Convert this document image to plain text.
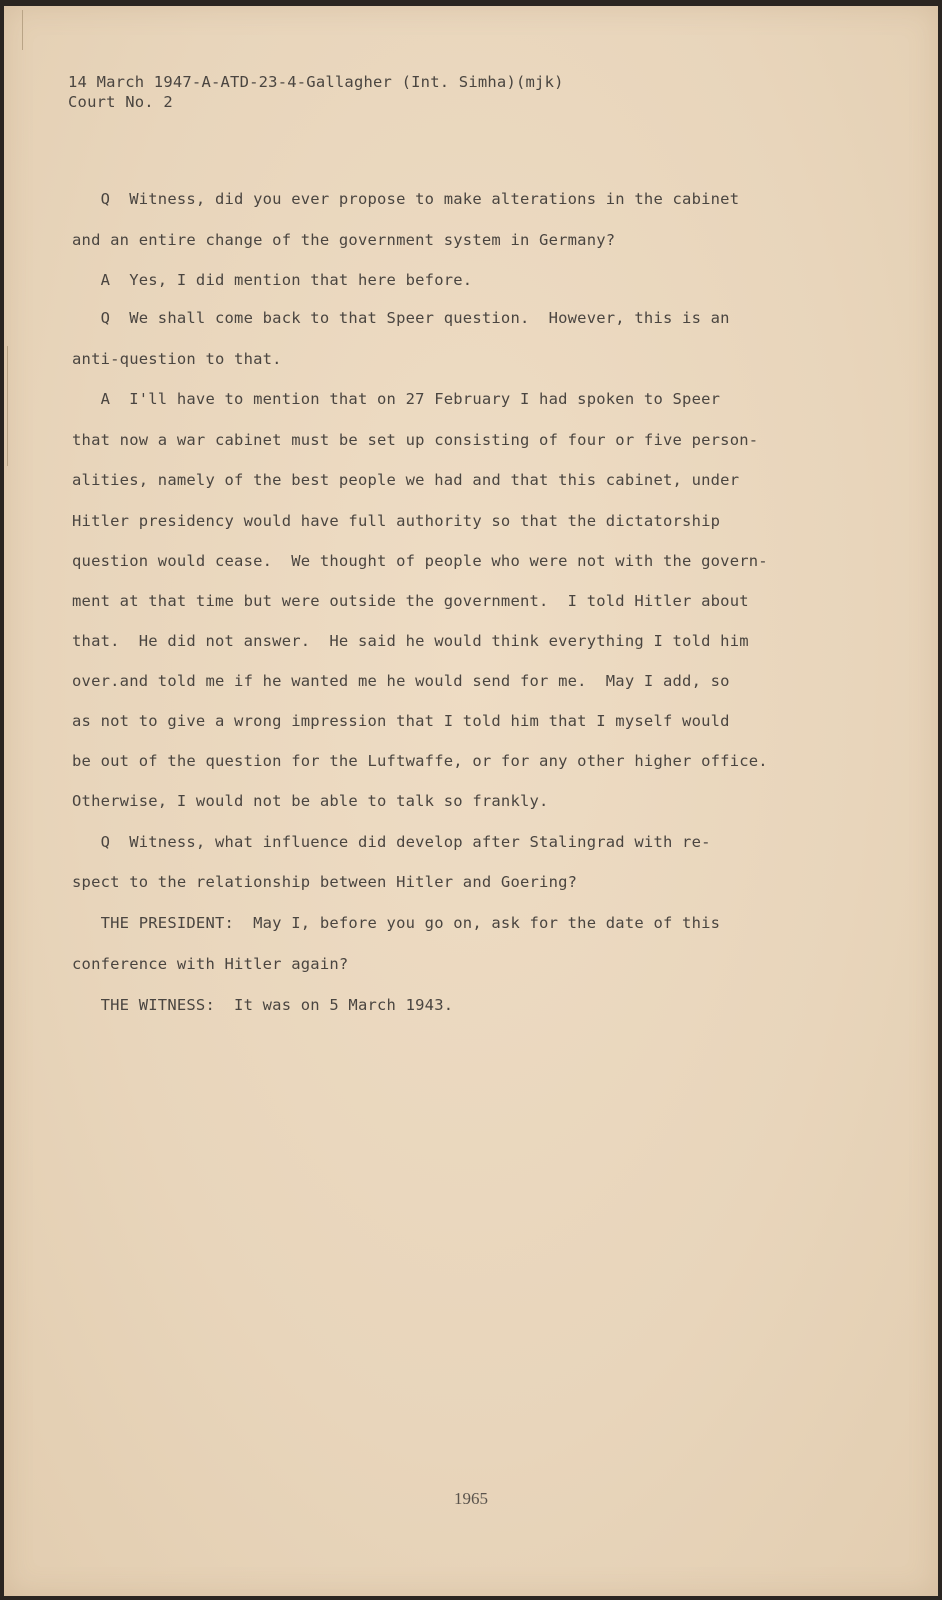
14 March 1947-A-ATD-23-4-Gallagher (Int. Simha)(mjk)
Court No. 2
Q  Witness, did you ever propose to make alterations in the cabinet
and an entire change of the government system in Germany?
A  Yes, I did mention that here before.
Q  We shall come back to that Speer question.  However, this is an
anti-question to that.
A  I'll have to mention that on 27 February I had spoken to Speer
that now a war cabinet must be set up consisting of four or five person-
alities, namely of the best people we had and that this cabinet, under
Hitler presidency would have full authority so that the dictatorship
question would cease.  We thought of people who were not with the govern-
ment at that time but were outside the government.  I told Hitler about
that.  He did not answer.  He said he would think everything I told him
over.and told me if he wanted me he would send for me.  May I add, so
as not to give a wrong impression that I told him that I myself would
be out of the question for the Luftwaffe, or for any other higher office.
Otherwise, I would not be able to talk so frankly.
Q  Witness, what influence did develop after Stalingrad with re-
spect to the relationship between Hitler and Goering?
THE PRESIDENT:  May I, before you go on, ask for the date of this
conference with Hitler again?
THE WITNESS:  It was on 5 March 1943.
1965
